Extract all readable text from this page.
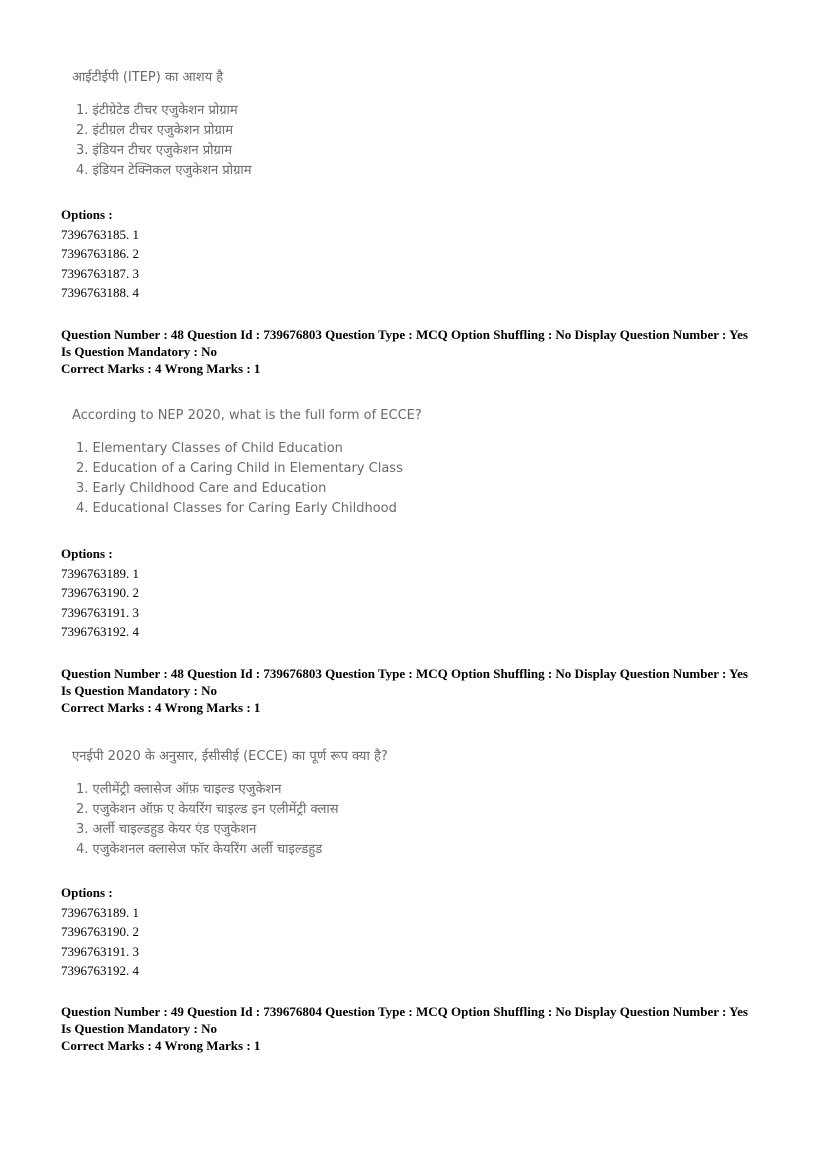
आईटीईपी (ITEP) का आशय है
1. इंटीग्रेटेड टीचर एजुकेशन प्रोग्राम
2. इंटीग्रल टीचर एजुकेशन प्रोग्राम
3. इंडियन टीचर एजुकेशन प्रोग्राम
4. इंडियन टेक्निकल एजुकेशन प्रोग्राम
Options :
7396763185. 1
7396763186. 2
7396763187. 3
7396763188. 4
Question Number : 48 Question Id : 739676803 Question Type : MCQ Option Shuffling : No Display Question Number : Yes
Is Question Mandatory : No
Correct Marks : 4 Wrong Marks : 1
According to NEP 2020, what is the full form of ECCE?
1. Elementary Classes of Child Education
2. Education of a Caring Child in Elementary Class
3. Early Childhood Care and Education
4. Educational Classes for Caring Early Childhood
Options :
7396763189. 1
7396763190. 2
7396763191. 3
7396763192. 4
Question Number : 48 Question Id : 739676803 Question Type : MCQ Option Shuffling : No Display Question Number : Yes
Is Question Mandatory : No
Correct Marks : 4 Wrong Marks : 1
एनईपी 2020 के अनुसार, ईसीसीई (ECCE) का पूर्ण रूप क्या है?
1. एलीमेंट्री क्लासेज ऑफ़ चाइल्ड एजुकेशन
2. एजुकेशन ऑफ़ ए केयरिंग चाइल्ड इन एलीमेंट्री क्लास
3. अर्ली चाइल्डहुड केयर एंड एजुकेशन
4. एजुकेशनल क्लासेज फॉर केयरिंग अर्ली चाइल्डहुड
Options :
7396763189. 1
7396763190. 2
7396763191. 3
7396763192. 4
Question Number : 49 Question Id : 739676804 Question Type : MCQ Option Shuffling : No Display Question Number : Yes
Is Question Mandatory : No
Correct Marks : 4 Wrong Marks : 1
